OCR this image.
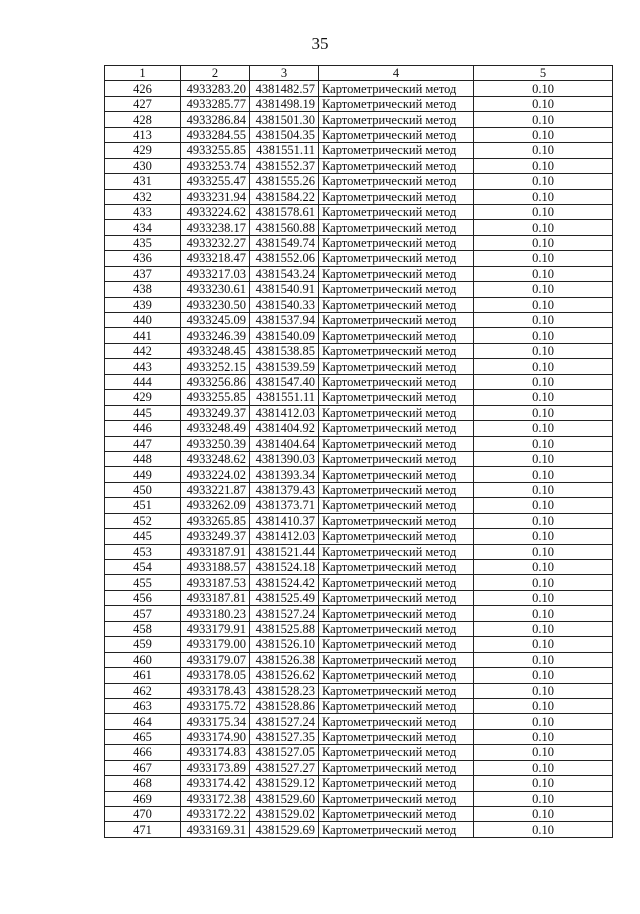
35
1	2	3	4	5
426	4933283.20	4381482.57	Картометрический метод	0.10
427	4933285.77	4381498.19	Картометрический метод	0.10
428	4933286.84	4381501.30	Картометрический метод	0.10
413	4933284.55	4381504.35	Картометрический метод	0.10
429	4933255.85	4381551.11	Картометрический метод	0.10
430	4933253.74	4381552.37	Картометрический метод	0.10
431	4933255.47	4381555.26	Картометрический метод	0.10
432	4933231.94	4381584.22	Картометрический метод	0.10
433	4933224.62	4381578.61	Картометрический метод	0.10
434	4933238.17	4381560.88	Картометрический метод	0.10
435	4933232.27	4381549.74	Картометрический метод	0.10
436	4933218.47	4381552.06	Картометрический метод	0.10
437	4933217.03	4381543.24	Картометрический метод	0.10
438	4933230.61	4381540.91	Картометрический метод	0.10
439	4933230.50	4381540.33	Картометрический метод	0.10
440	4933245.09	4381537.94	Картометрический метод	0.10
441	4933246.39	4381540.09	Картометрический метод	0.10
442	4933248.45	4381538.85	Картометрический метод	0.10
443	4933252.15	4381539.59	Картометрический метод	0.10
444	4933256.86	4381547.40	Картометрический метод	0.10
429	4933255.85	4381551.11	Картометрический метод	0.10
445	4933249.37	4381412.03	Картометрический метод	0.10
446	4933248.49	4381404.92	Картометрический метод	0.10
447	4933250.39	4381404.64	Картометрический метод	0.10
448	4933248.62	4381390.03	Картометрический метод	0.10
449	4933224.02	4381393.34	Картометрический метод	0.10
450	4933221.87	4381379.43	Картометрический метод	0.10
451	4933262.09	4381373.71	Картометрический метод	0.10
452	4933265.85	4381410.37	Картометрический метод	0.10
445	4933249.37	4381412.03	Картометрический метод	0.10
453	4933187.91	4381521.44	Картометрический метод	0.10
454	4933188.57	4381524.18	Картометрический метод	0.10
455	4933187.53	4381524.42	Картометрический метод	0.10
456	4933187.81	4381525.49	Картометрический метод	0.10
457	4933180.23	4381527.24	Картометрический метод	0.10
458	4933179.91	4381525.88	Картометрический метод	0.10
459	4933179.00	4381526.10	Картометрический метод	0.10
460	4933179.07	4381526.38	Картометрический метод	0.10
461	4933178.05	4381526.62	Картометрический метод	0.10
462	4933178.43	4381528.23	Картометрический метод	0.10
463	4933175.72	4381528.86	Картометрический метод	0.10
464	4933175.34	4381527.24	Картометрический метод	0.10
465	4933174.90	4381527.35	Картометрический метод	0.10
466	4933174.83	4381527.05	Картометрический метод	0.10
467	4933173.89	4381527.27	Картометрический метод	0.10
468	4933174.42	4381529.12	Картометрический метод	0.10
469	4933172.38	4381529.60	Картометрический метод	0.10
470	4933172.22	4381529.02	Картометрический метод	0.10
471	4933169.31	4381529.69	Картометрический метод	0.10
